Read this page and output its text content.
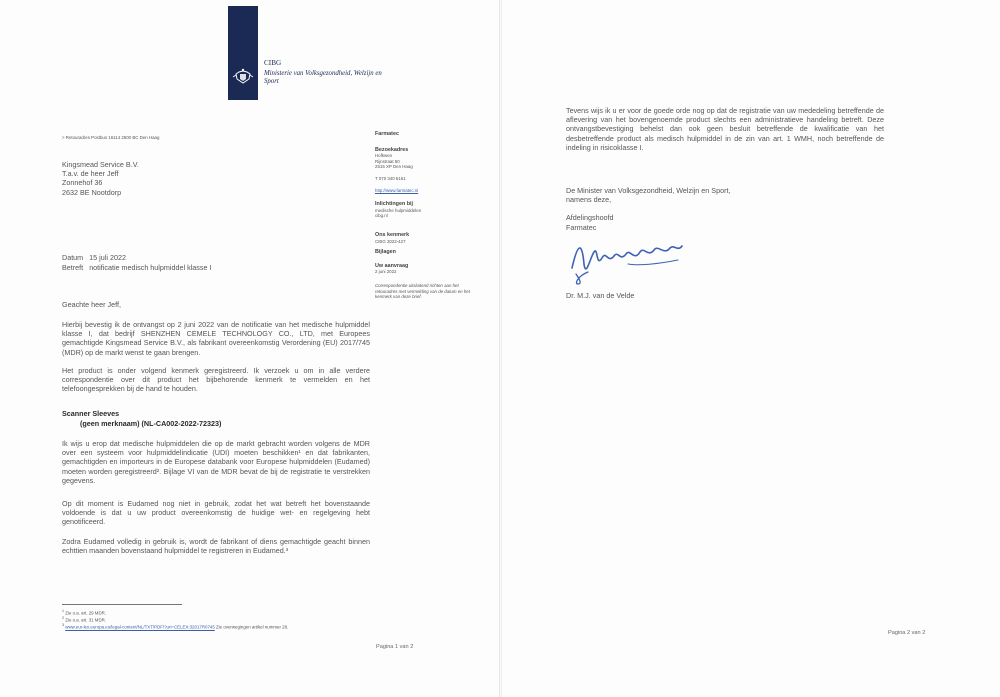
CIBG
Ministerie van Volksgezondheid, Welzijn en Sport
> Retouradres Postbus 16114 2500 BC Den Haag
Kingsmead Service B.V.
T.a.v. de heer Jeff
Zonnehof 36
2632 BE Nootdorp
Farmatec
Bezoekadres
Hofkwen
Rijnstraat 50
2515 XP Den Haag
T 070 340 6161
http://www.farmatec.nl
Inlichtingen bij
medische hulpmiddelen
cibg.nl
Ons kenmerk
CIBG 2022-427
Bijlagen
Uw aanvraag
2 juni 2022
Correspondentie uitsluitend richten aan het retouradres met vermelding van de datum en het kenmerk van deze brief.
Datum 15 juli 2022
Betreft notificatie medisch hulpmiddel klasse I
Geachte heer Jeff,
Hierbij bevestig ik de ontvangst op 2 juni 2022 van de notificatie van het medische hulpmiddel klasse I, dat bedrijf SHENZHEN CEMELE TECHNOLOGY CO., LTD, met Europees gemachtigde Kingsmead Service B.V., als fabrikant overeenkomstig Verordening (EU) 2017/745 (MDR) op de markt wenst te gaan brengen.
Het product is onder volgend kenmerk geregistreerd. Ik verzoek u om in alle verdere correspondentie over dit product het bijbehorende kenmerk te vermelden en het telefoongesprekken bij de hand te houden.
Scanner Sleeves
(geen merknaam) (NL-CA002-2022-72323)
Ik wijs u erop dat medische hulpmiddelen die op de markt gebracht worden volgens de MDR over een systeem voor hulpmiddelindicatie (UDI) moeten beschikken¹ en dat fabrikanten, gemachtigden en importeurs in de Europese databank voor Europese hulpmiddelen (Eudamed) moeten worden geregistreerd². Bijlage VI van de MDR bevat de bij de registratie te verstrekken gegevens.
Op dit moment is Eudamed nog niet in gebruik, zodat het wat betreft het bovenstaande voldoende is dat u uw product overeenkomstig de huidige wet- en regelgeving hebt genotificeerd.
Zodra Eudamed volledig in gebruik is, wordt de fabrikant of diens gemachtigde geacht binnen echttien maanden bovenstaand hulpmiddel te registreren in Eudamed.³
$^1$ Zie o.a. art. 29 MDR.
$^2$ Zie o.a. art. 31 MDR.
$^3$ www.eur-lex.europa.eu/legal-content/NL/TXT/PDF/?uri=CELEX:32017R0745 Zie overwegingen artikel nummer 28.
Pagina 1 van 2
Tevens wijs ik u er voor de goede orde nog op dat de registratie van uw mededeling betreffende de aflevering van het bovengenoemde product slechts een administratieve handeling betreft. Deze ontvangstbevestiging behelst dan ook geen besluit betreffende de kwalificatie van het desbetreffende product als medisch hulpmiddel in de zin van art. 1 WMH, noch betreffende de indeling in risicoklasse I.
De Minister van Volksgezondheid, Welzijn en Sport,
namens deze,
Afdelingshoofd
Farmatec
Dr. M.J. van de Velde
Pagina 2 van 2
